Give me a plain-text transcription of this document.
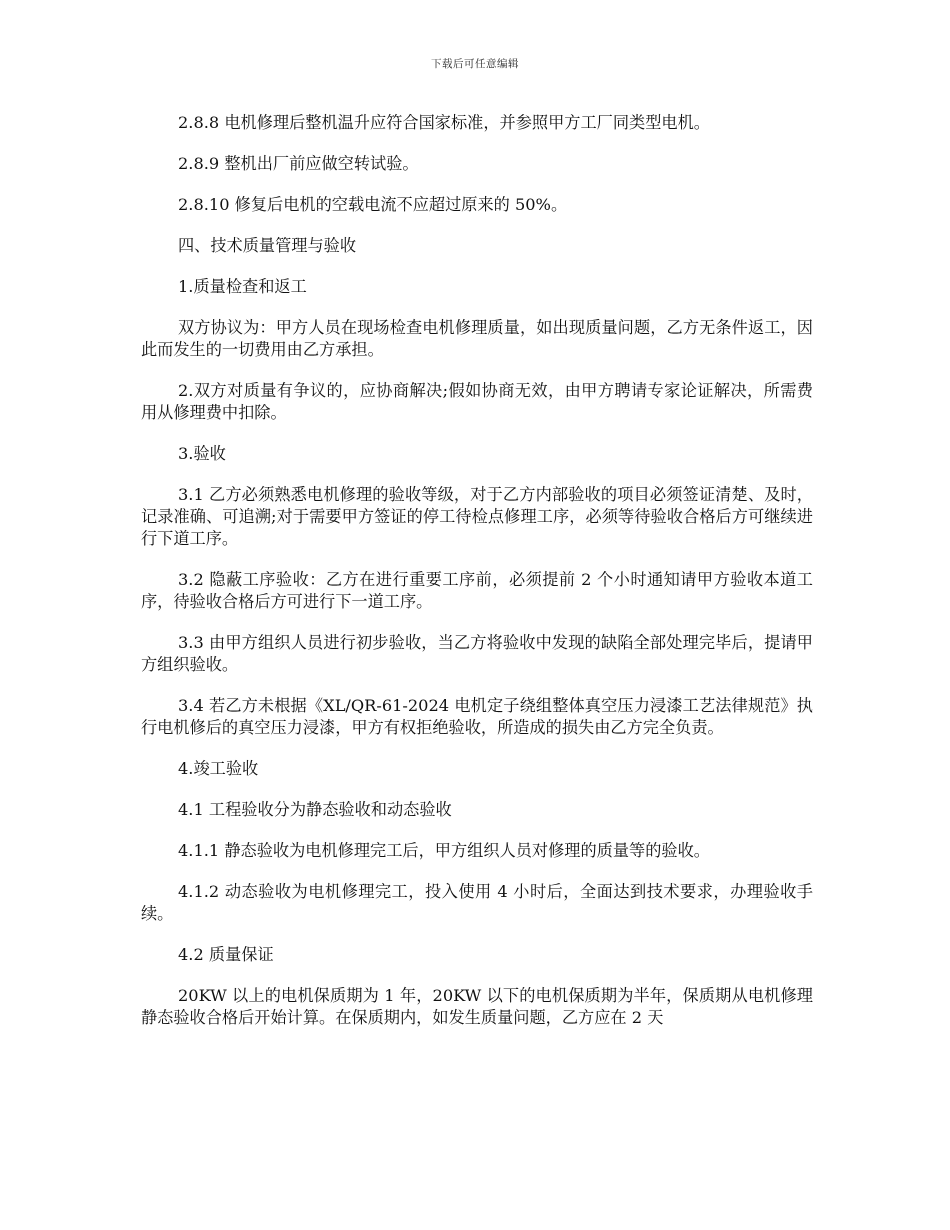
下载后可任意编辑

2.8.8 电机修理后整机温升应符合国家标准，并参照甲方工厂同类型电机。

2.8.9 整机出厂前应做空转试验。

2.8.10 修复后电机的空载电流不应超过原来的 50%。

四、技术质量管理与验收

1.质量检查和返工

双方协议为：甲方人员在现场检查电机修理质量，如出现质量问题，乙方无条件返工，因此而发生的一切费用由乙方承担。

2.双方对质量有争议的，应协商解决;假如协商无效，由甲方聘请专家论证解决，所需费用从修理费中扣除。

3.验收

3.1 乙方必须熟悉电机修理的验收等级，对于乙方内部验收的项目必须签证清楚、及时，记录准确、可追溯;对于需要甲方签证的停工待检点修理工序，必须等待验收合格后方可继续进行下道工序。

3.2 隐蔽工序验收：乙方在进行重要工序前，必须提前 2 个小时通知请甲方验收本道工序，待验收合格后方可进行下一道工序。

3.3 由甲方组织人员进行初步验收，当乙方将验收中发现的缺陷全部处理完毕后，提请甲方组织验收。

3.4 若乙方未根据《XL/QR-61-2024 电机定子绕组整体真空压力浸漆工艺法律规范》执行电机修后的真空压力浸漆，甲方有权拒绝验收，所造成的损失由乙方完全负责。

4.竣工验收

4.1 工程验收分为静态验收和动态验收

4.1.1 静态验收为电机修理完工后，甲方组织人员对修理的质量等的验收。

4.1.2 动态验收为电机修理完工，投入使用 4 小时后，全面达到技术要求，办理验收手续。

4.2 质量保证

20KW 以上的电机保质期为 1 年，20KW 以下的电机保质期为半年，保质期从电机修理静态验收合格后开始计算。在保质期内，如发生质量问题，乙方应在 2 天
